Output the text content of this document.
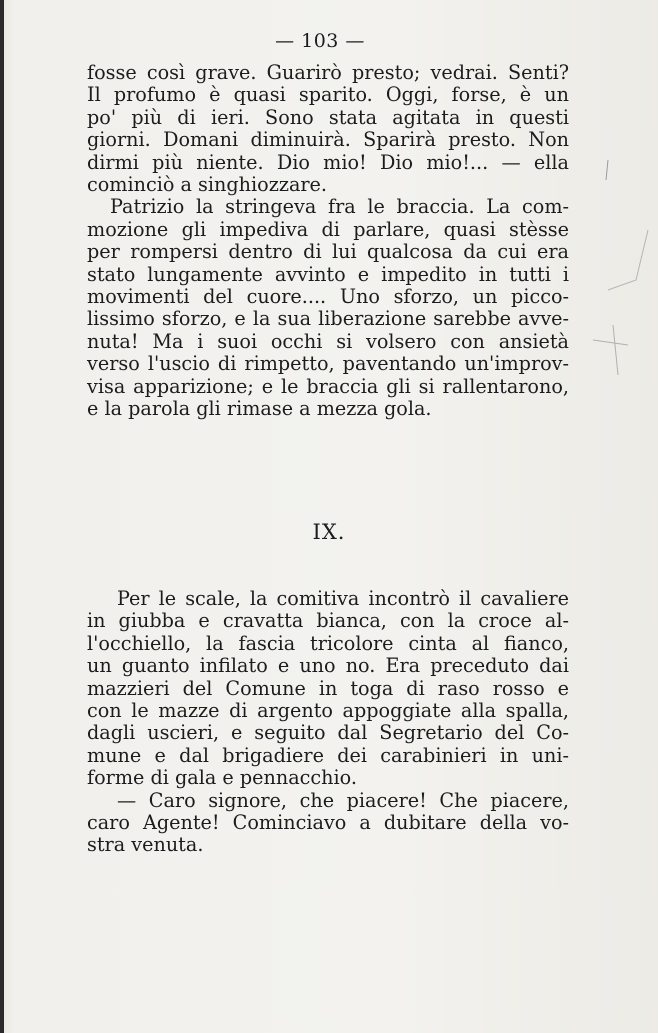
— 103 —
fosse così grave. Guarirò presto; vedrai. Senti?
Il profumo è quasi sparito. Oggi, forse, è un
po' più di ieri. Sono stata agitata in questi
giorni. Domani diminuirà. Sparirà presto. Non
dirmi più niente. Dio mio! Dio mio!... — ella
cominciò a singhiozzare.
Patrizio la stringeva fra le braccia. La com-
mozione gli impediva di parlare, quasi stèsse
per rompersi dentro di lui qualcosa da cui era
stato lungamente avvinto e impedito in tutti i
movimenti del cuore.... Uno sforzo, un picco-
lissimo sforzo, e la sua liberazione sarebbe avve-
nuta! Ma i suoi occhi si volsero con ansietà
verso l'uscio di rimpetto, paventando un'improv-
visa apparizione; e le braccia gli si rallentarono,
e la parola gli rimase a mezza gola.
IX.
Per le scale, la comitiva incontrò il cavaliere
in giubba e cravatta bianca, con la croce al-
l'occhiello, la fascia tricolore cinta al fianco,
un guanto infilato e uno no. Era preceduto dai
mazzieri del Comune in toga di raso rosso e
con le mazze di argento appoggiate alla spalla,
dagli uscieri, e seguito dal Segretario del Co-
mune e dal brigadiere dei carabinieri in uni-
forme di gala e pennacchio.
— Caro signore, che piacere! Che piacere,
caro Agente! Cominciavo a dubitare della vo-
stra venuta.
